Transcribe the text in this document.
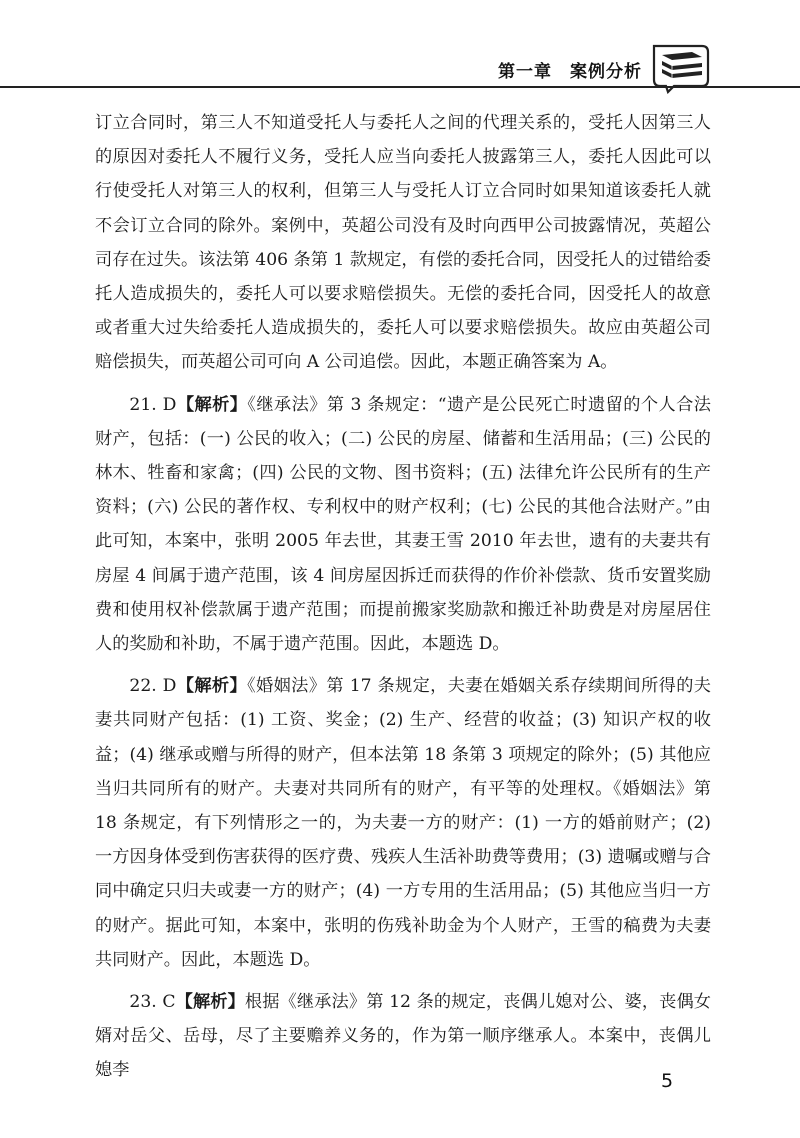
第一章　案例分析

订立合同时，第三人不知道受托人与委托人之间的代理关系的，受托人因第三人的原因对委托人不履行义务，受托人应当向委托人披露第三人，委托人因此可以行使受托人对第三人的权利，但第三人与受托人订立合同时如果知道该委托人就不会订立合同的除外。案例中，英超公司没有及时向西甲公司披露情况，英超公司存在过失。该法第 406 条第 1 款规定，有偿的委托合同，因受托人的过错给委托人造成损失的，委托人可以要求赔偿损失。无偿的委托合同，因受托人的故意或者重大过失给委托人造成损失的，委托人可以要求赔偿损失。故应由英超公司赔偿损失，而英超公司可向 A 公司追偿。因此，本题正确答案为 A。

21. D【解析】《继承法》第 3 条规定：“遗产是公民死亡时遗留的个人合法财产，包括：(一) 公民的收入；(二) 公民的房屋、储蓄和生活用品；(三) 公民的林木、牲畜和家禽；(四) 公民的文物、图书资料；(五) 法律允许公民所有的生产资料；(六) 公民的著作权、专利权中的财产权利；(七) 公民的其他合法财产。”由此可知，本案中，张明 2005 年去世，其妻王雪 2010 年去世，遗有的夫妻共有房屋 4 间属于遗产范围，该 4 间房屋因拆迁而获得的作价补偿款、货币安置奖励费和使用权补偿款属于遗产范围；而提前搬家奖励款和搬迁补助费是对房屋居住人的奖励和补助，不属于遗产范围。因此，本题选 D。

22. D【解析】《婚姻法》第 17 条规定，夫妻在婚姻关系存续期间所得的夫妻共同财产包括：(1) 工资、奖金；(2) 生产、经营的收益；(3) 知识产权的收益；(4) 继承或赠与所得的财产，但本法第 18 条第 3 项规定的除外；(5) 其他应当归共同所有的财产。夫妻对共同所有的财产，有平等的处理权。《婚姻法》第 18 条规定，有下列情形之一的，为夫妻一方的财产：(1) 一方的婚前财产；(2) 一方因身体受到伤害获得的医疗费、残疾人生活补助费等费用；(3) 遗嘱或赠与合同中确定只归夫或妻一方的财产；(4) 一方专用的生活用品；(5) 其他应当归一方的财产。据此可知，本案中，张明的伤残补助金为个人财产，王雪的稿费为夫妻共同财产。因此，本题选 D。

23. C【解析】根据《继承法》第 12 条的规定，丧偶儿媳对公、婆，丧偶女婿对岳父、岳母，尽了主要赡养义务的，作为第一顺序继承人。本案中，丧偶儿媳李	5
